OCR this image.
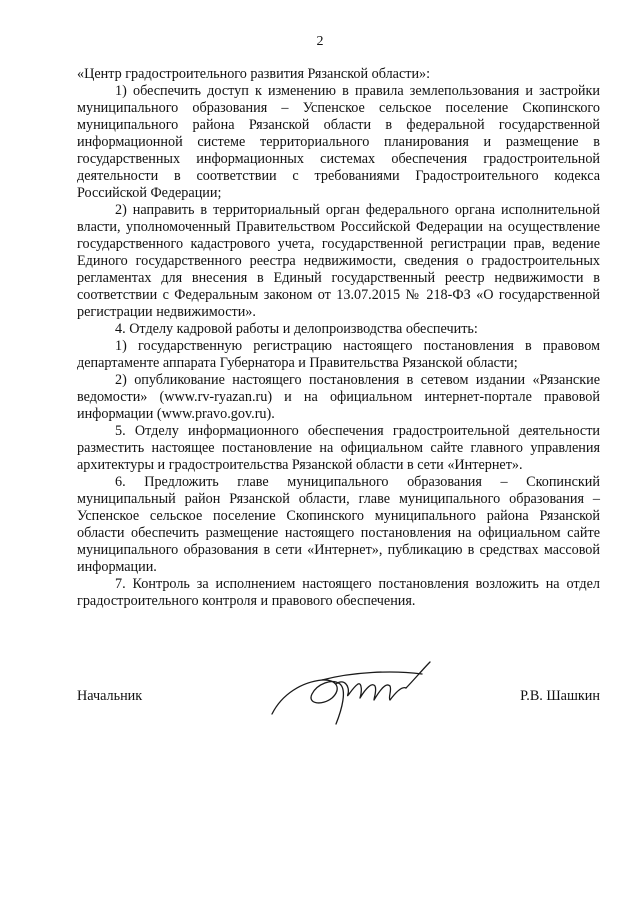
2

«Центр градостроительного развития Рязанской области»:

1) обеспечить доступ к изменению в правила землепользования и застройки муниципального образования – Успенское сельское поселение Скопинского муниципального района Рязанской области в федеральной государственной информационной системе территориального планирования и размещение в государственных информационных системах обеспечения градостроительной деятельности в соответствии с требованиями Градостроительного кодекса Российской Федерации;

2) направить в территориальный орган федерального органа исполнительной власти, уполномоченный Правительством Российской Федерации на осуществление государственного кадастрового учета, государственной регистрации прав, ведение Единого государственного реестра недвижимости, сведения о градостроительных регламентах для внесения в Единый государственный реестр недвижимости в соответствии с Федеральным законом от 13.07.2015 № 218-ФЗ «О государственной регистрации недвижимости».

4. Отделу кадровой работы и делопроизводства обеспечить:

1) государственную регистрацию настоящего постановления в правовом департаменте аппарата Губернатора и Правительства Рязанской области;

2) опубликование настоящего постановления в сетевом издании «Рязанские ведомости» (www.rv-ryazan.ru) и на официальном интернет-портале правовой информации (www.pravo.gov.ru).

5. Отделу информационного обеспечения градостроительной деятельности разместить настоящее постановление на официальном сайте главного управления архитектуры и градостроительства Рязанской области в сети «Интернет».

6. Предложить главе муниципального образования – Скопинский муниципальный район Рязанской области, главе муниципального образования – Успенское сельское поселение Скопинского муниципального района Рязанской области обеспечить размещение настоящего постановления на официальном сайте муниципального образования в сети «Интернет», публикацию в средствах массовой информации.

7. Контроль за исполнением настоящего постановления возложить на отдел градостроительного контроля и правового обеспечения.

Начальник	Р.В. Шашкин
